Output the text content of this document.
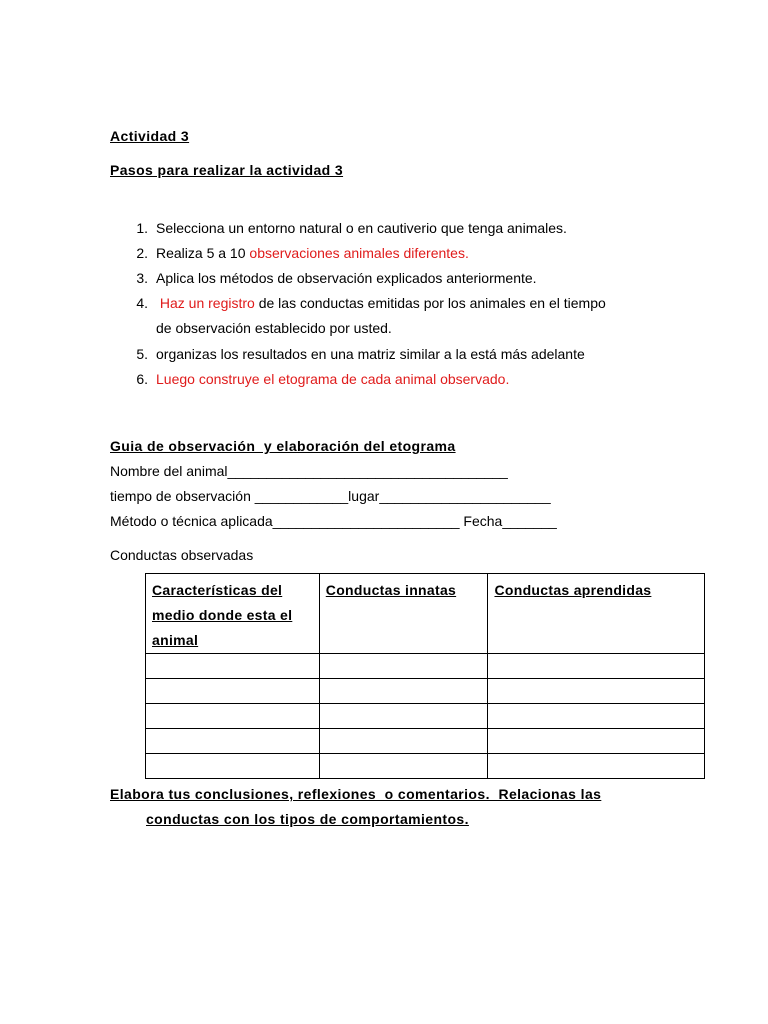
Actividad 3
Pasos para realizar la actividad 3
1. Selecciona un entorno natural o en cautiverio que tenga animales.
2. Realiza 5 a 10 observaciones animales diferentes.
3. Aplica los métodos de observación explicados anteriormente.
4. Haz un registro de las conductas emitidas por los animales en el tiempo
de observación establecido por usted.
5. organizas los resultados en una matriz similar a la está más adelante
6. Luego construye el etograma de cada animal observado.
Guia de observación  y elaboración del etograma
Nombre del animal____________________________________
tiempo de observación ____________lugar______________________
Método o técnica aplicada________________________ Fecha_______
Conductas observadas
Características del medio donde esta el animal	Conductas innatas	Conductas aprendidas

Elabora tus conclusiones, reflexiones  o comentarios.  Relacionas las
conductas con los tipos de comportamientos.
